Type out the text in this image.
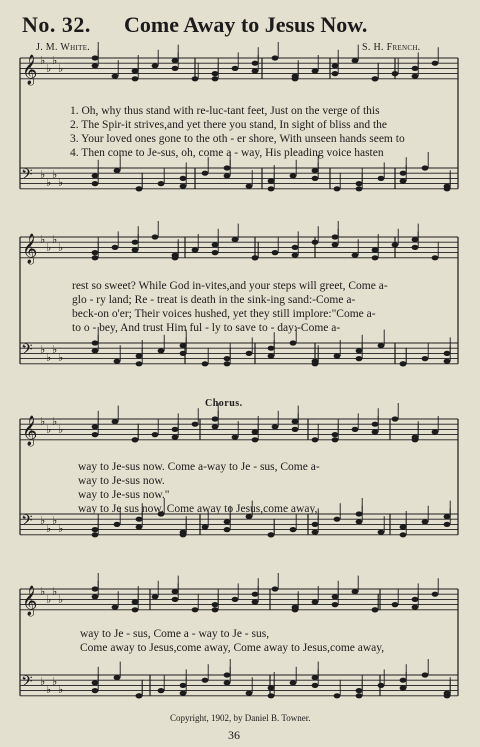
No. 32. Come Away to Jesus Now.
J. M. White.	S. H. French.
𝄞 ♭
♭
♭
♭
𝄢 ♭
♭
♭
♭
𝄞 ♭
♭
♭
♭
𝄢 ♭
♭
♭
♭
𝄞 ♭
♭
♭
♭
𝄢 ♭
♭
♭
♭
𝄞 ♭
♭
♭
♭
𝄢 ♭
♭
♭
♭
1. Oh, why thus stand with re-luc-tant feet, Just on the verge of this
2. The Spir-it strives,and yet there you stand, In sight of bliss and the
3. Your loved ones gone to the oth - er shore, With unseen hands seem to
4. Then come to Je-sus, oh, come a - way, His pleading voice hasten
rest so sweet? While God in-vites,and your steps will greet, Come a-
glo - ry land; Re - treat is death in the sink-ing sand:-Come a-
beck-on o'er; Their voices hushed, yet they still implore:"Come a-
to o - bey, And trust Him ful - ly to save to - day:-Come a-
Chorus.
way to Je-sus now. Come a-way to Je - sus, Come a-
way to Je-sus now.
way to Je-sus now."
way to Je sus now. Come away to Jesus,come away,
way to Je - sus, Come a - way to Je - sus,
Come away to Jesus,come away, Come away to Jesus,come away,
Copyright, 1902, by Daniel B. Towner.
36
